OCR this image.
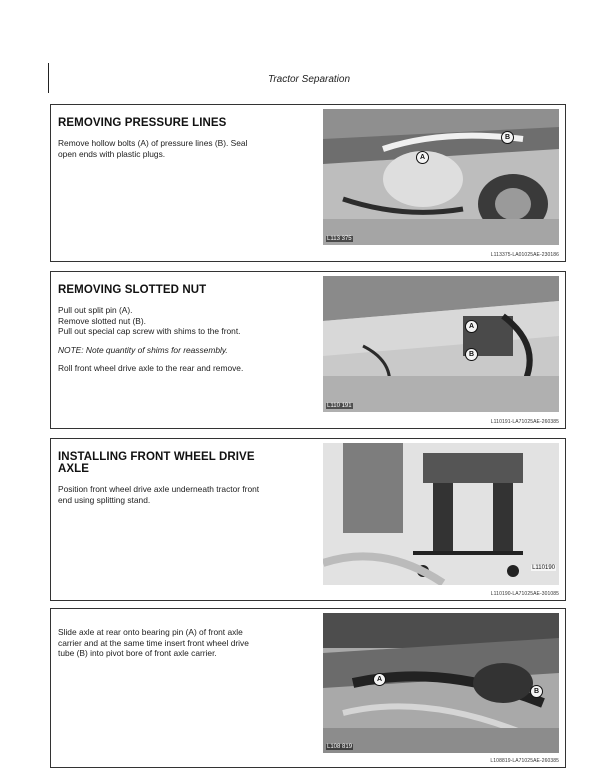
Tractor Separation
REMOVING PRESSURE LINES

Remove hollow bolts (A) of pressure lines (B). Seal
open ends with plastic plugs.	A
B
L113 375
L113375-LA01025AE-230186
REMOVING SLOTTED NUT

Pull out split pin (A).
Remove slotted nut (B).
Pull out special cap screw with shims to the front.

NOTE: Note quantity of shims for reassembly.

Roll front wheel drive axle to the rear and remove.

A
B
L110 191
L110191-LA71025AE-260385
INSTALLING FRONT WHEEL DRIVE
AXLE

Position front wheel drive axle underneath tractor front
end using splitting stand.

L110190
L110190-LA71025AE-301085

Slide axle at rear onto bearing pin (A) of front axle
carrier and at the same time insert front wheel drive
tube (B) into pivot bore of front axle carrier.

A
B
L108 819
L108819-LA71025AE-260385
